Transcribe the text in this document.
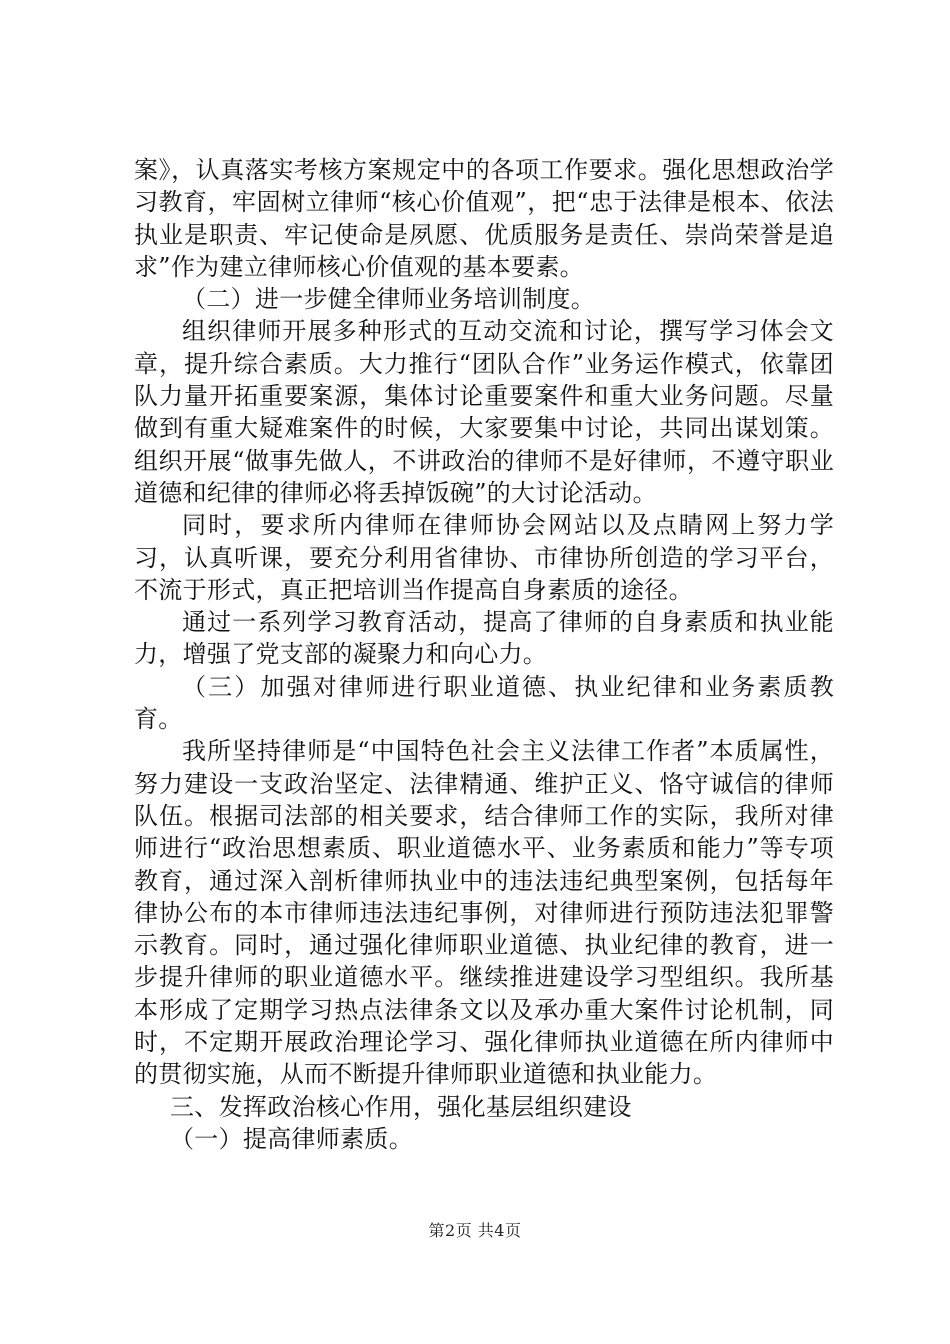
案》，认真落实考核方案规定中的各项工作要求。强化思想政治学习教育，牢固树立律师“核心价值观”，把“忠于法律是根本、依法执业是职责、牢记使命是夙愿、优质服务是责任、崇尚荣誉是追求”作为建立律师核心价值观的基本要素。

（二）进一步健全律师业务培训制度。

组织律师开展多种形式的互动交流和讨论，撰写学习体会文章，提升综合素质。大力推行“团队合作”业务运作模式，依靠团队力量开拓重要案源，集体讨论重要案件和重大业务问题。尽量做到有重大疑难案件的时候，大家要集中讨论，共同出谋划策。组织开展“做事先做人，不讲政治的律师不是好律师，不遵守职业道德和纪律的律师必将丢掉饭碗”的大讨论活动。

同时，要求所内律师在律师协会网站以及点睛网上努力学习，认真听课，要充分利用省律协、市律协所创造的学习平台，不流于形式，真正把培训当作提高自身素质的途径。

通过一系列学习教育活动，提高了律师的自身素质和执业能力，增强了党支部的凝聚力和向心力。

（三）加强对律师进行职业道德、执业纪律和业务素质教育。

我所坚持律师是“中国特色社会主义法律工作者”本质属性，努力建设一支政治坚定、法律精通、维护正义、恪守诚信的律师队伍。根据司法部的相关要求，结合律师工作的实际，我所对律师进行“政治思想素质、职业道德水平、业务素质和能力”等专项教育，通过深入剖析律师执业中的违法违纪典型案例，包括每年律协公布的本市律师违法违纪事例，对律师进行预防违法犯罪警示教育。同时，通过强化律师职业道德、执业纪律的教育，进一步提升律师的职业道德水平。继续推进建设学习型组织。我所基本形成了定期学习热点法律条文以及承办重大案件讨论机制，同时，不定期开展政治理论学习、强化律师执业道德在所内律师中的贯彻实施，从而不断提升律师职业道德和执业能力。

三、发挥政治核心作用，强化基层组织建设

（一）提高律师素质。

第2页 共4页
